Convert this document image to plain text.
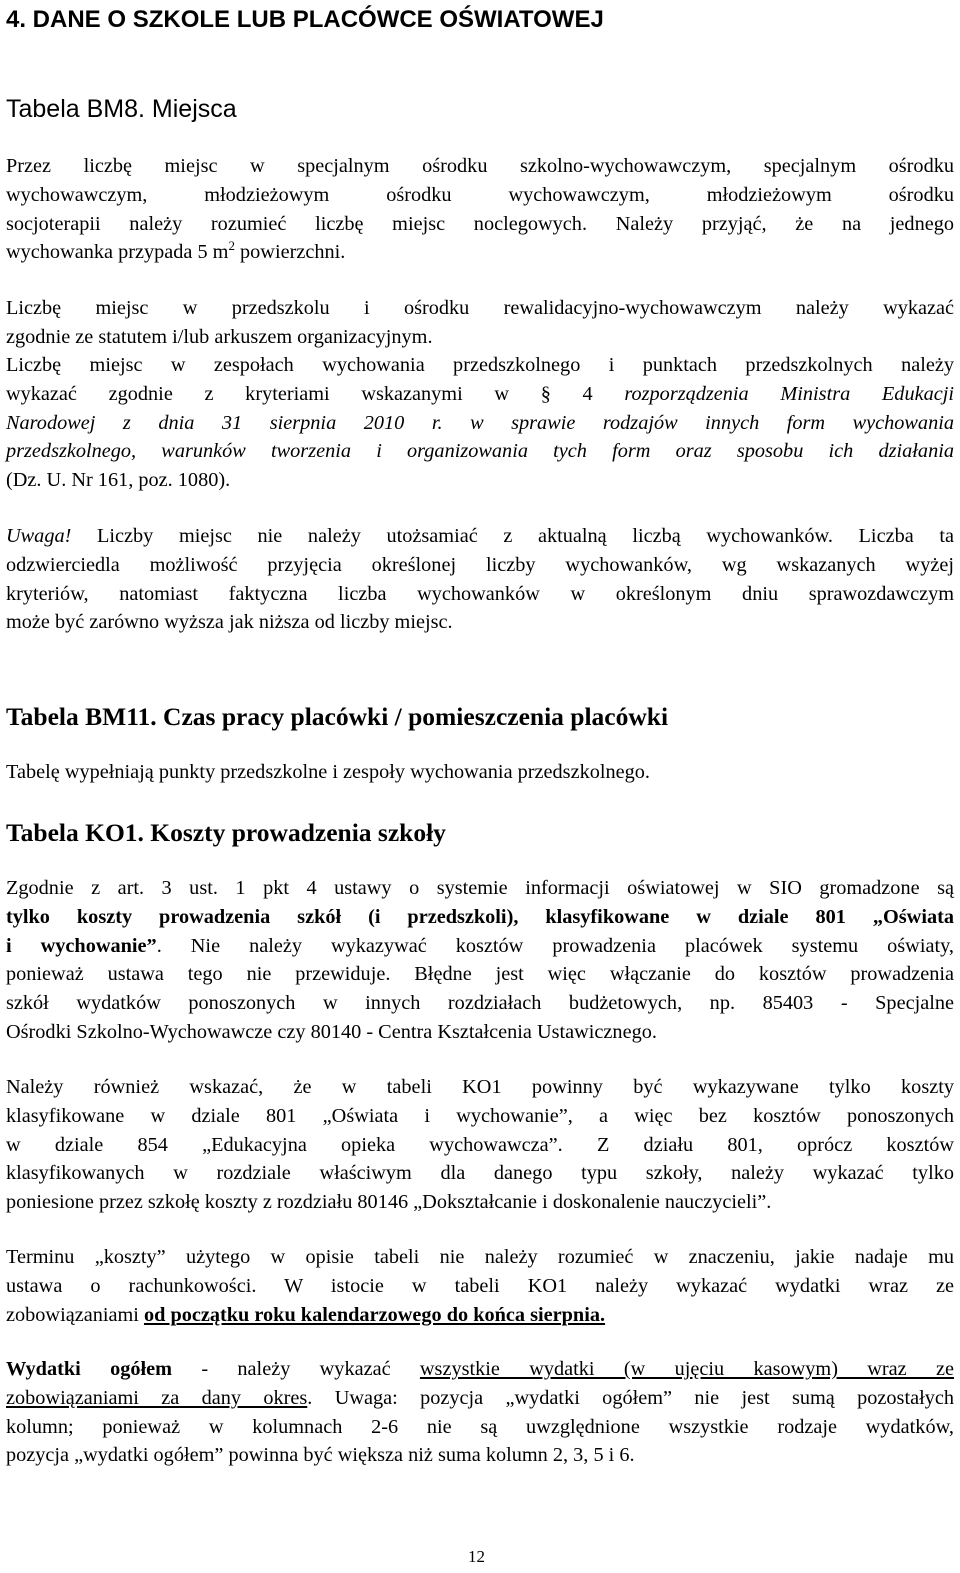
4. DANE O SZKOLE LUB PLACÓWCE OŚWIATOWEJ
Tabela BM8. Miejsca
Przez liczbę miejsc w specjalnym ośrodku szkolno-wychowawczym, specjalnym ośrodku
wychowawczym, młodzieżowym ośrodku wychowawczym, młodzieżowym ośrodku
socjoterapii należy rozumieć liczbę miejsc noclegowych. Należy przyjąć, że na jednego
wychowanka przypada 5 $m^2$ powierzchni.
Liczbę miejsc w przedszkolu i ośrodku rewalidacyjno-wychowawczym należy wykazać
zgodnie ze statutem i/lub arkuszem organizacyjnym.
Liczbę miejsc w zespołach wychowania przedszkolnego i punktach przedszkolnych należy
wykazać zgodnie z kryteriami wskazanymi w § 4 rozporządzenia Ministra Edukacji
Narodowej z dnia 31 sierpnia 2010 r. w sprawie rodzajów innych form wychowania
przedszkolnego, warunków tworzenia i organizowania tych form oraz sposobu ich działania
(Dz. U. Nr 161, poz. 1080).
Uwaga! Liczby miejsc nie należy utożsamiać z aktualną liczbą wychowanków. Liczba ta
odzwierciedla możliwość przyjęcia określonej liczby wychowanków, wg wskazanych wyżej
kryteriów, natomiast faktyczna liczba wychowanków w określonym dniu sprawozdawczym
może być zarówno wyższa jak niższa od liczby miejsc.
Tabela BM11. Czas pracy placówki / pomieszczenia placówki
Tabelę wypełniają punkty przedszkolne i zespoły wychowania przedszkolnego.
Tabela KO1. Koszty prowadzenia szkoły
Zgodnie z art. 3 ust. 1 pkt 4 ustawy o systemie informacji oświatowej w SIO gromadzone są
tylko koszty prowadzenia szkół (i przedszkoli), klasyfikowane w dziale 801 „Oświata
i wychowanie”. Nie należy wykazywać kosztów prowadzenia placówek systemu oświaty,
ponieważ ustawa tego nie przewiduje. Błędne jest więc włączanie do kosztów prowadzenia
szkół wydatków ponoszonych w innych rozdziałach budżetowych, np. 85403 - Specjalne
Ośrodki Szkolno-Wychowawcze czy 80140 - Centra Kształcenia Ustawicznego.
Należy również wskazać, że w tabeli KO1 powinny być wykazywane tylko koszty
klasyfikowane w dziale 801 „Oświata i wychowanie”, a więc bez kosztów ponoszonych
w dziale 854 „Edukacyjna opieka wychowawcza”. Z działu 801, oprócz kosztów
klasyfikowanych w rozdziale właściwym dla danego typu szkoły, należy wykazać tylko
poniesione przez szkołę koszty z rozdziału 80146 „Dokształcanie i doskonalenie nauczycieli”.
Terminu „koszty” użytego w opisie tabeli nie należy rozumieć w znaczeniu, jakie nadaje mu
ustawa o rachunkowości. W istocie w tabeli KO1 należy wykazać wydatki wraz ze
zobowiązaniami od początku roku kalendarzowego do końca sierpnia.
Wydatki ogółem - należy wykazać wszystkie wydatki (w ujęciu kasowym) wraz ze
zobowiązaniami za dany okres. Uwaga: pozycja „wydatki ogółem” nie jest sumą pozostałych
kolumn; ponieważ w kolumnach 2-6 nie są uwzględnione wszystkie rodzaje wydatków,
pozycja „wydatki ogółem” powinna być większa niż suma kolumn 2, 3, 5 i 6.
12
